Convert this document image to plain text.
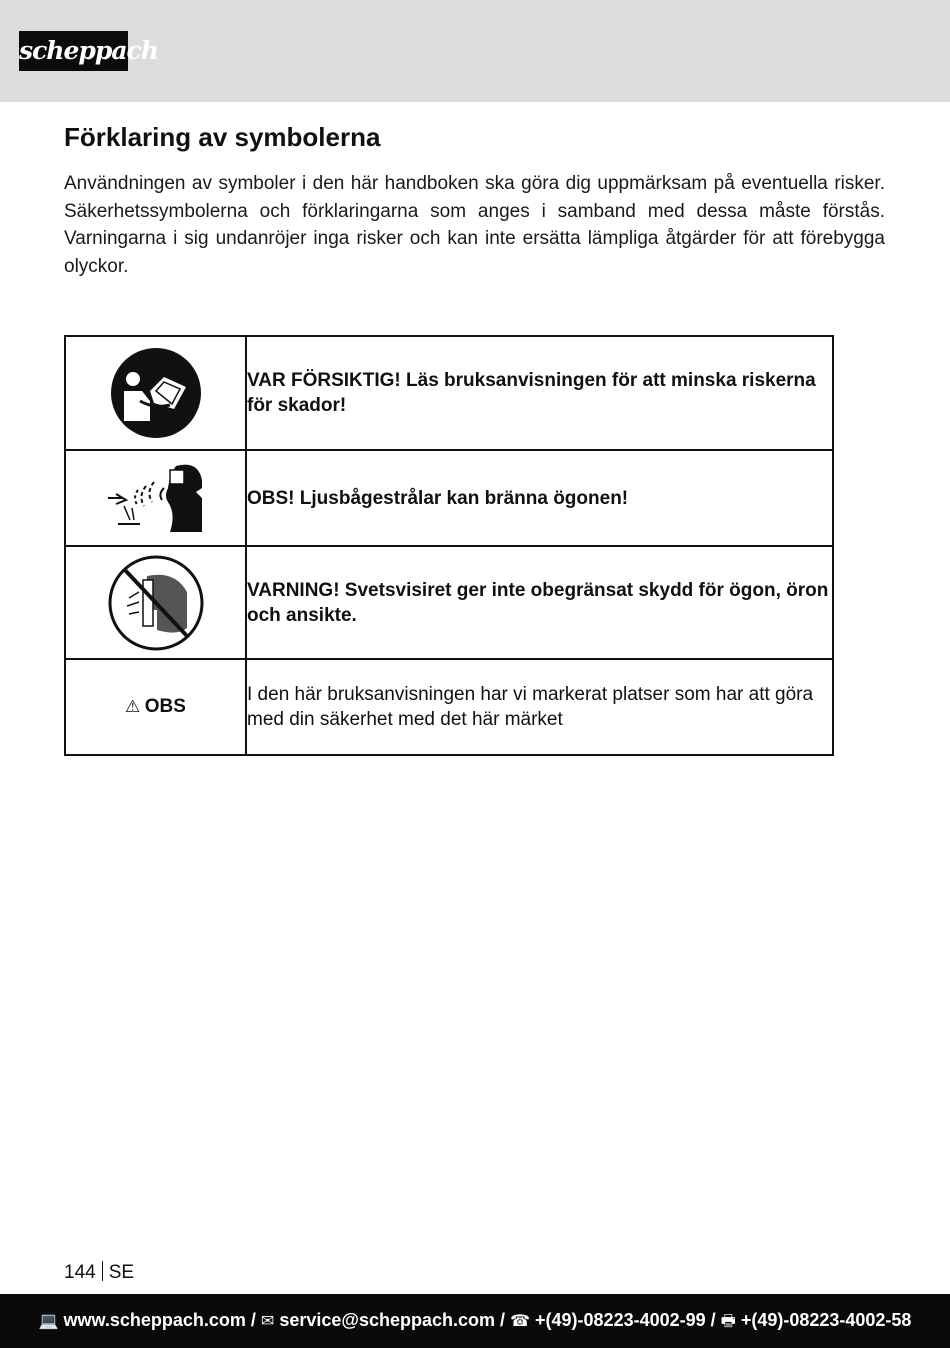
scheppach
Förklaring av symbolerna

Användningen av symboler i den här handboken ska göra dig uppmärksam på eventuella risker. Säkerhetssymbolerna och förklaringarna som anges i samband med dessa måste förstås. Varningarna i sig undanröjer inga risker och kan inte ersätta lämpliga åtgärder för att förebygga olyckor.

	VAR FÖRSIKTIG! Läs bruksanvisningen för att minska riskerna för skador!

	OBS! Ljusbågestrålar kan bränna ögonen!

	VARNING! Svetsvisiret ger inte obegränsat skydd för ögon, öron och ansikte.
⚠ OBS	I den här bruksanvisningen har vi markerat platser som har att göra med din säkerhet med det här märket
144 SE
💻 www.scheppach.com / ✉ service@scheppach.com / ☎ +(49)-08223-4002-99 / 🖶 +(49)-08223-4002-58
